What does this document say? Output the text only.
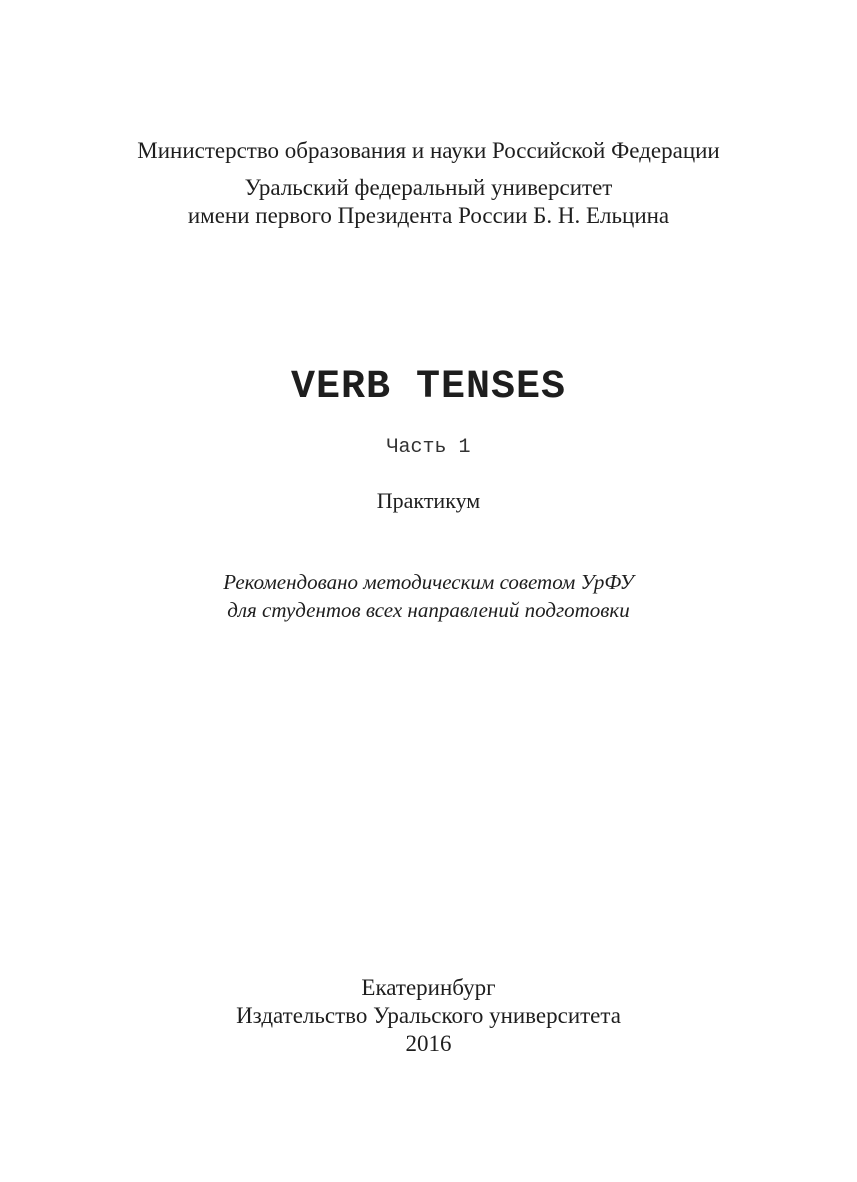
Министерство образования и науки Российской Федерации
Уральский федеральный университет
имени первого Президента России Б. Н. Ельцина
VERB TENSES
Часть 1
Практикум
Рекомендовано методическим советом УрФУ
для студентов всех направлений подготовки
Екатеринбург
Издательство Уральского университета
2016
